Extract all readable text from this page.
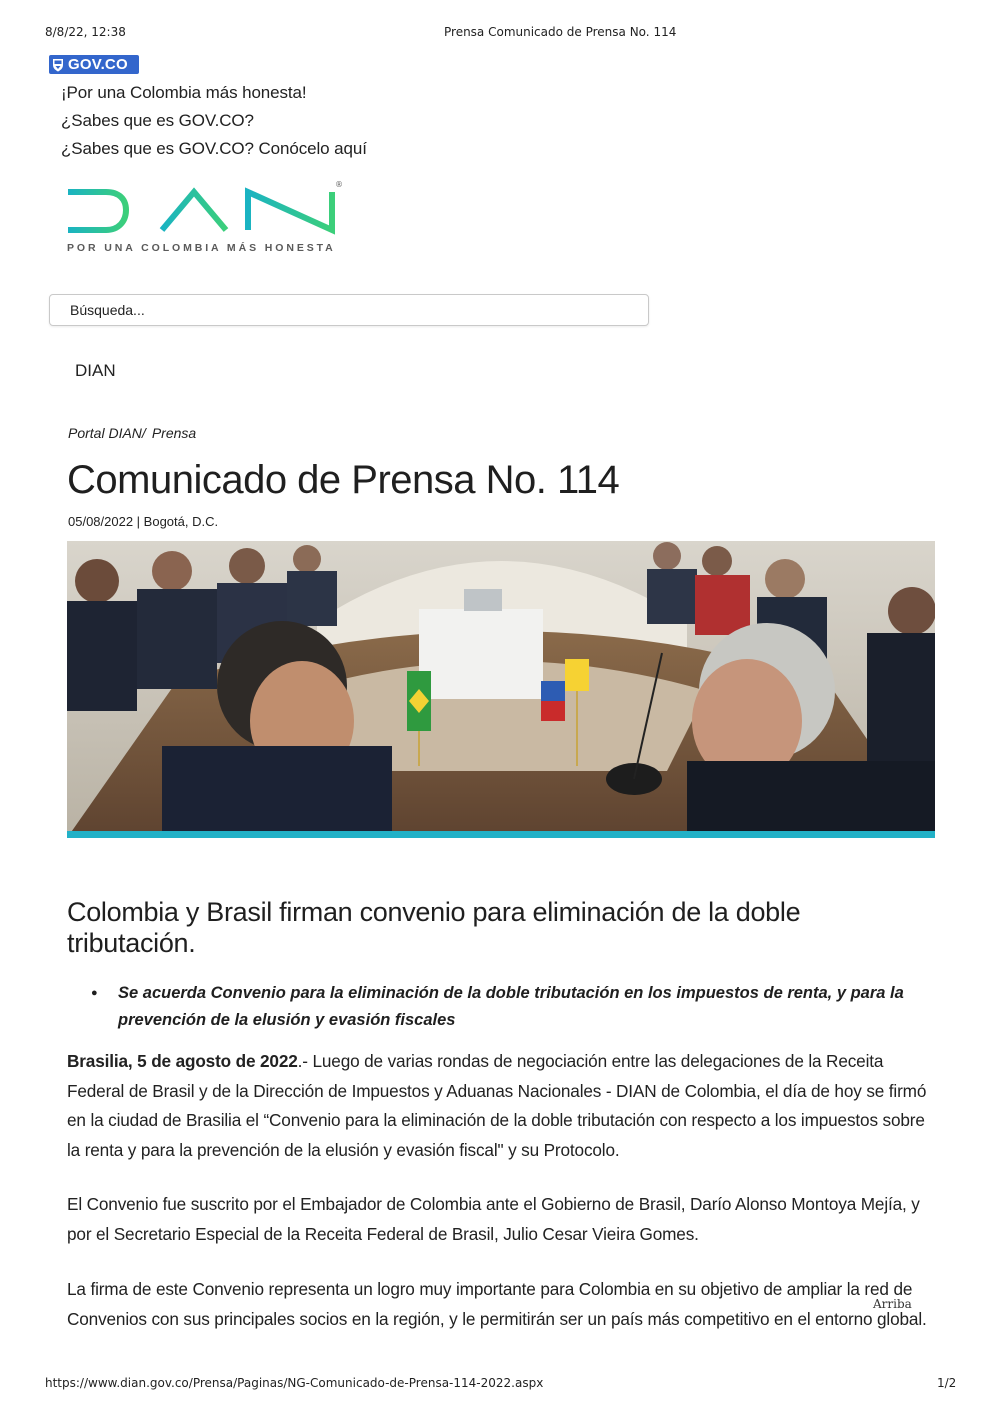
8/8/22, 12:38	Prensa Comunicado de Prensa No. 114
GOV.CO
¡Por una Colombia más honesta!
¿Sabes que es GOV.CO?
¿Sabes que es GOV.CO? Conócelo aquí
®
POR UNA COLOMBIA MÁS HONESTA
Búsqueda...
DIAN
Portal DIAN/ Prensa
Comunicado de Prensa No. 114
05/08/2022 | Bogotá, D.C.
Colombia y Brasil firman convenio para eliminación de la doble tributación.
● Se acuerda Convenio para la eliminación de la doble tributación en los impuestos de renta, y para la prevención de la elusión y evasión fiscales
Brasilia, 5 de agosto de 2022.- Luego de varias rondas de negociación entre las delegaciones de la Receita Federal de Brasil y de la Dirección de Impuestos y Aduanas Nacionales - DIAN de Colombia, el día de hoy se firmó en la ciudad de Brasilia el “Convenio para la eliminación de la doble tributación con respecto a los impuestos sobre la renta y para la prevención de la elusión y evasión fiscal" y su Protocolo.
El Convenio fue suscrito por el Embajador de Colombia ante el Gobierno de Brasil, Darío Alonso Montoya Mejía, y por el Secretario Especial de la Receita Federal de Brasil, Julio Cesar Vieira Gomes.
La firma de este Convenio representa un logro muy importante para Colombia en su objetivo de ampliar la red de Convenios con sus principales socios en la región, y le permitirán ser un país más competitivo en el entorno global.
Arriba
https://www.dian.gov.co/Prensa/Paginas/NG-Comunicado-de-Prensa-114-2022.aspx	1/2
